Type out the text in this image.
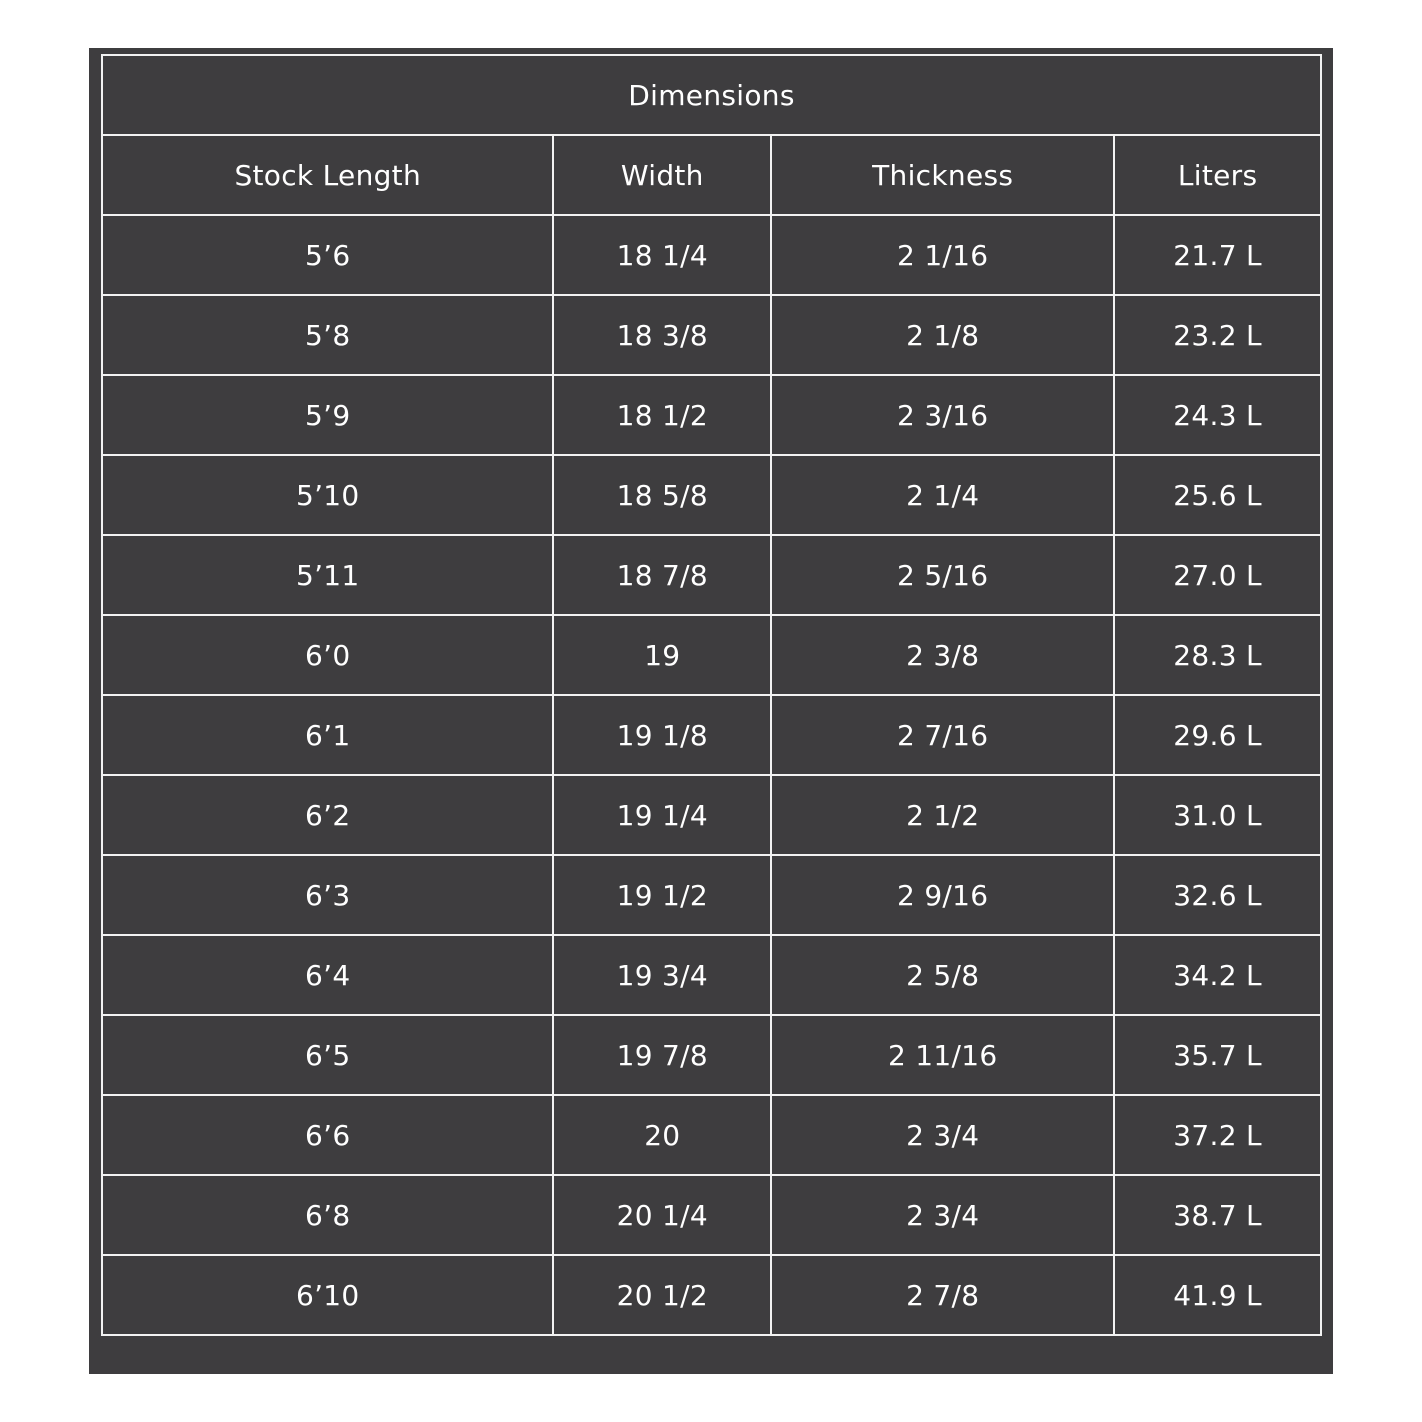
Dimensions			
Stock Length	Width	Thickness	Liters
5’6	18 1/4	2 1/16	21.7 L
5’8	18 3/8	2 1/8	23.2 L
5’9	18 1/2	2 3/16	24.3 L
5’10	18 5/8	2 1/4	25.6 L
5’11	18 7/8	2 5/16	27.0 L
6’0	19	2 3/8	28.3 L
6’1	19 1/8	2 7/16	29.6 L
6’2	19 1/4	2 1/2	31.0 L
6’3	19 1/2	2 9/16	32.6 L
6’4	19 3/4	2 5/8	34.2 L
6’5	19 7/8	2 11/16	35.7 L
6’6	20	2 3/4	37.2 L
6’8	20 1/4	2 3/4	38.7 L
6’10	20 1/2	2 7/8	41.9 L
